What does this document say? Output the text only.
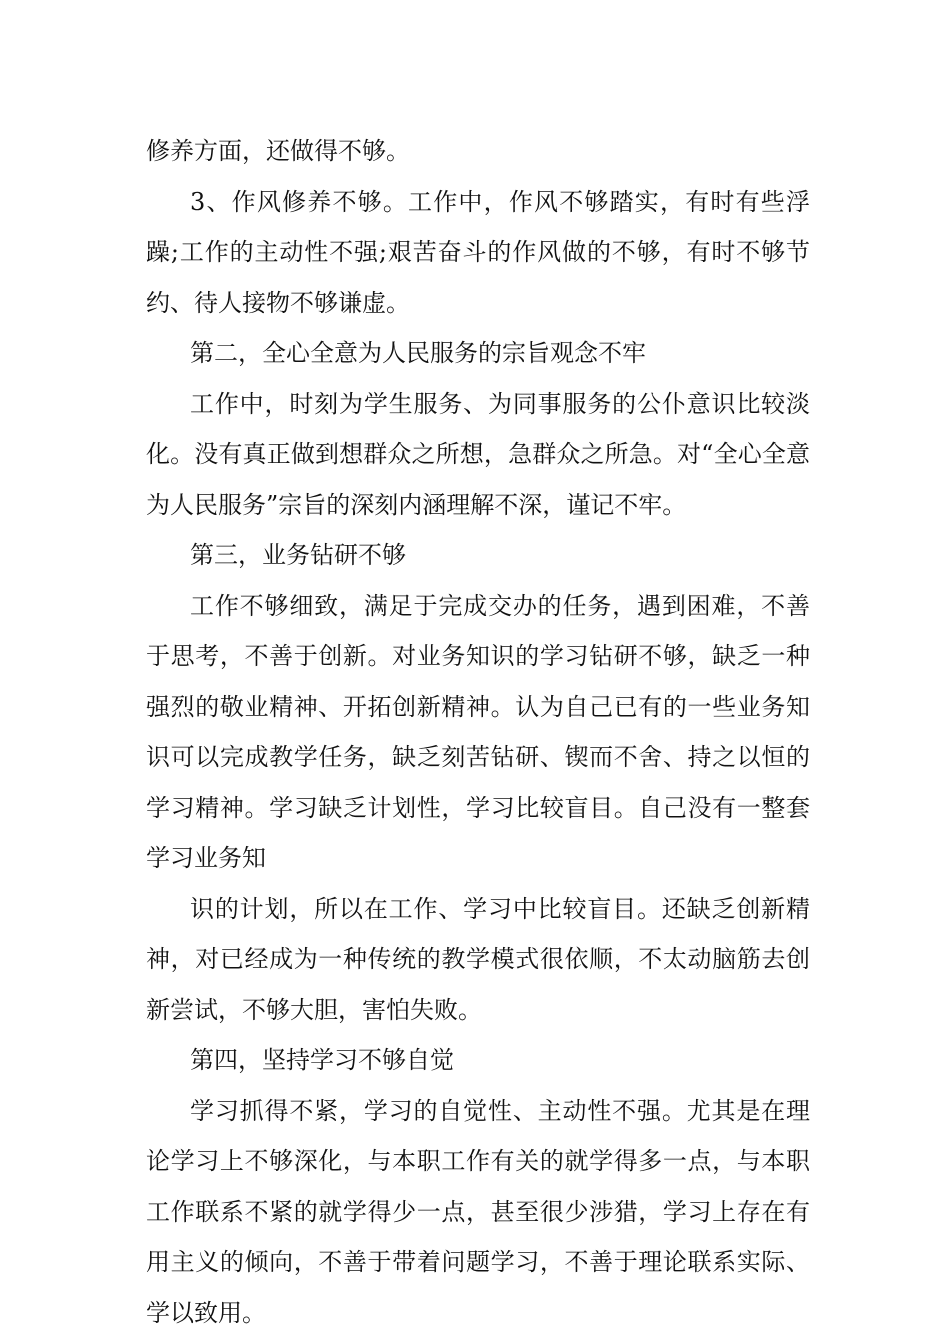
修养方面，还做得不够。

3、作风修养不够。工作中，作风不够踏实，有时有些浮躁;工作的主动性不强;艰苦奋斗的作风做的不够，有时不够节约、待人接物不够谦虚。

第二，全心全意为人民服务的宗旨观念不牢

工作中，时刻为学生服务、为同事服务的公仆意识比较淡化。没有真正做到想群众之所想，急群众之所急。对“全心全意为人民服务”宗旨的深刻内涵理解不深，谨记不牢。

第三，业务钻研不够

工作不够细致，满足于完成交办的任务，遇到困难，不善于思考，不善于创新。对业务知识的学习钻研不够，缺乏一种强烈的敬业精神、开拓创新精神。认为自己已有的一些业务知识可以完成教学任务，缺乏刻苦钻研、锲而不舍、持之以恒的学习精神。学习缺乏计划性，学习比较盲目。自己没有一整套学习业务知

识的计划，所以在工作、学习中比较盲目。还缺乏创新精神，对已经成为一种传统的教学模式很依顺，不太动脑筋去创新尝试，不够大胆，害怕失败。

第四，坚持学习不够自觉

学习抓得不紧，学习的自觉性、主动性不强。尤其是在理论学习上不够深化，与本职工作有关的就学得多一点，与本职工作联系不紧的就学得少一点，甚至很少涉猎，学习上存在有用主义的倾向，不善于带着问题学习，不善于理论联系实际、学以致用。
